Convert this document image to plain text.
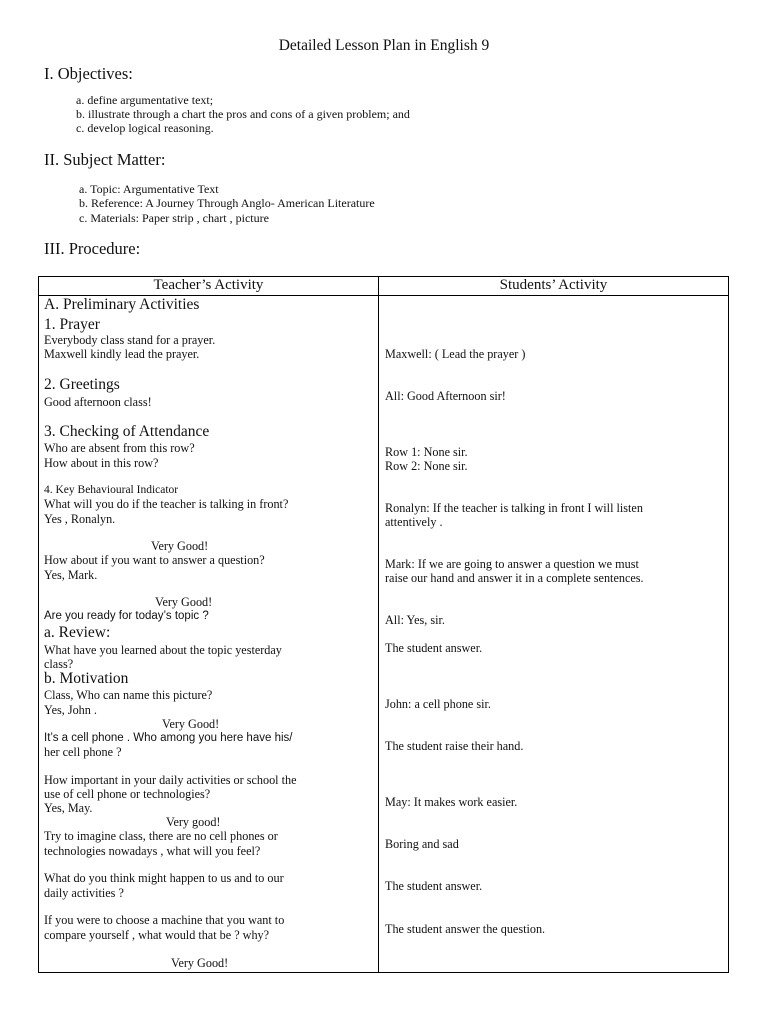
Detailed Lesson Plan in English 9
I. Objectives:
a. define argumentative text;
b. illustrate through a chart the pros and cons of a given problem; and
c. develop logical reasoning.
II. Subject Matter:
a. Topic: Argumentative Text
b. Reference: A Journey Through Anglo- American Literature
c. Materials: Paper strip , chart , picture
III. Procedure:
Teacher’s Activity	Students’ Activity
A. Preliminary Activities
1. Prayer
Everybody class stand for a prayer.
Maxwell kindly lead the prayer.
2. Greetings
Good afternoon class!
3. Checking of Attendance
Who are absent from this row?
How about in this row?
4. Key Behavioural Indicator
What will you do if the teacher is talking in front?
Yes , Ronalyn.
Very Good!
How about if you want to answer a question?
Yes, Mark.
Very Good!
Are you ready for today’s topic ?
a. Review:
What have you learned about the topic yesterday
class?
b. Motivation
Class, Who can name this picture?
Yes, John .
Very Good!
It’s a cell phone . Who among you here have his/
her cell phone ?
How important in your daily activities or school the
use of cell phone or technologies?
Yes, May.
Very good!
Try to imagine class, there are no cell phones or
technologies nowadays , what will you feel?
What do you think might happen to us and to our
daily activities ?
If you were to choose a machine that you want to
compare yourself , what would that be ? why?
Very Good!
Maxwell: ( Lead the prayer )
All: Good Afternoon sir!
Row 1: None sir.
Row 2: None sir.
Ronalyn: If the teacher is talking in front I will listen
attentively .
Mark: If we are going to answer a question we must
raise our hand and answer it in a complete sentences.
All: Yes, sir.
The student answer.
John: a cell phone sir.
The student raise their hand.
May: It makes work easier.
Boring and sad
The student answer.
The student answer the question.
